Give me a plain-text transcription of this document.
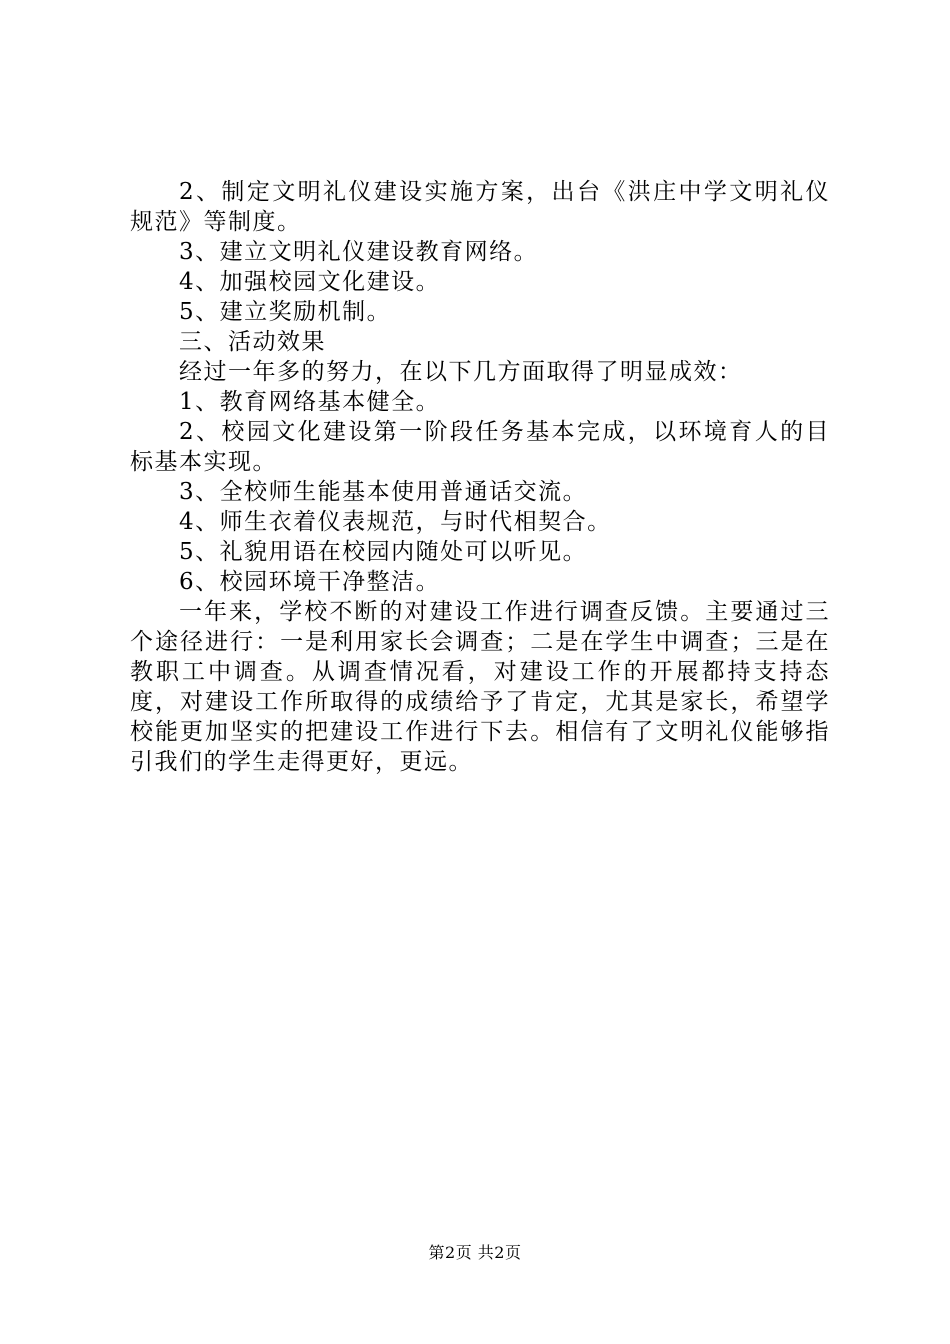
2、制定文明礼仪建设实施方案，出台《洪庄中学文明礼仪规范》等制度。

3、建立文明礼仪建设教育网络。

4、加强校园文化建设。

5、建立奖励机制。

三、活动效果

经过一年多的努力，在以下几方面取得了明显成效：

1、教育网络基本健全。

2、校园文化建设第一阶段任务基本完成，以环境育人的目标基本实现。

3、全校师生能基本使用普通话交流。

4、师生衣着仪表规范，与时代相契合。

5、礼貌用语在校园内随处可以听见。

6、校园环境干净整洁。

一年来，学校不断的对建设工作进行调查反馈。主要通过三个途径进行：一是利用家长会调查；二是在学生中调查；三是在教职工中调查。从调查情况看，对建设工作的开展都持支持态度，对建设工作所取得的成绩给予了肯定，尤其是家长，希望学校能更加坚实的把建设工作进行下去。相信有了文明礼仪能够指引我们的学生走得更好，更远。

第2页 共2页
